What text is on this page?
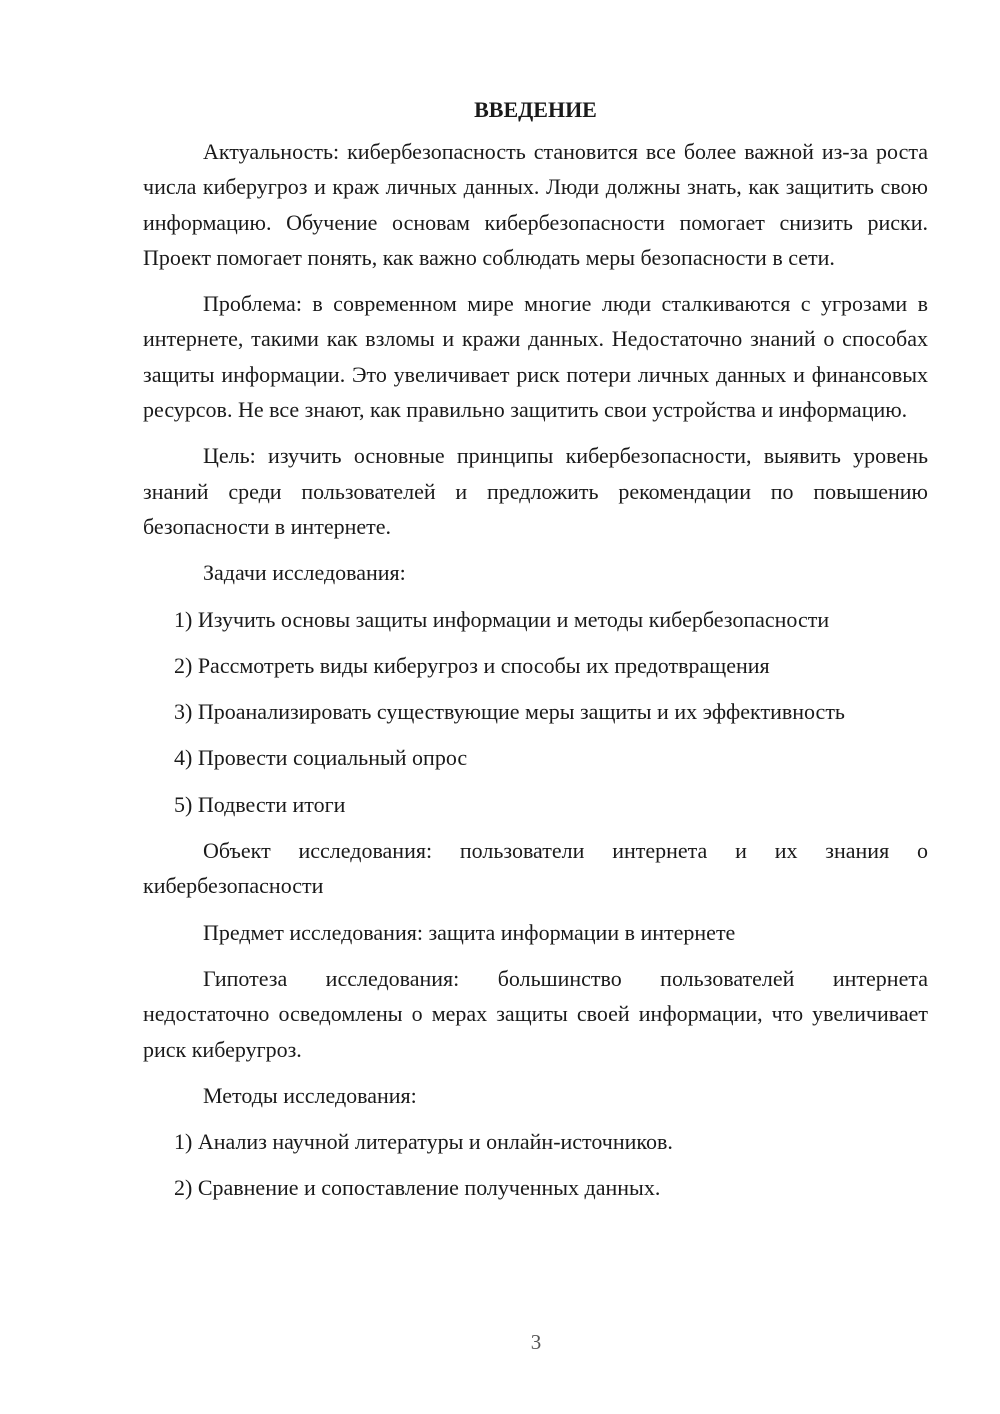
ВВЕДЕНИЕ

Актуальность: кибербезопасность становится все более важной из-за роста числа киберугроз и краж личных данных. Люди должны знать, как защитить свою информацию. Обучение основам кибербезопасности помогает снизить риски. Проект помогает понять, как важно соблюдать меры безопасности в сети.

Проблема: в современном мире многие люди сталкиваются с угрозами в интернете, такими как взломы и кражи данных. Недостаточно знаний о способах защиты информации. Это увеличивает риск потери личных данных и финансовых ресурсов. Не все знают, как правильно защитить свои устройства и информацию.

Цель: изучить основные принципы кибербезопасности, выявить уровень знаний среди пользователей и предложить рекомендации по повышению безопасности в интернете.

Задачи исследования:

1) Изучить основы защиты информации и методы кибербезопасности

2) Рассмотреть виды киберугроз и способы их предотвращения

3) Проанализировать существующие меры защиты и их эффективность

4) Провести социальный опрос

5) Подвести итоги

Объект исследования: пользователи интернета и их знания о кибербезопасности

Предмет исследования: защита информации в интернете

Гипотеза исследования: большинство пользователей интернета недостаточно осведомлены о мерах защиты своей информации, что увеличивает риск киберугроз.

Методы исследования:

1) Анализ научной литературы и онлайн-источников.

2) Сравнение и сопоставление полученных данных.

3
